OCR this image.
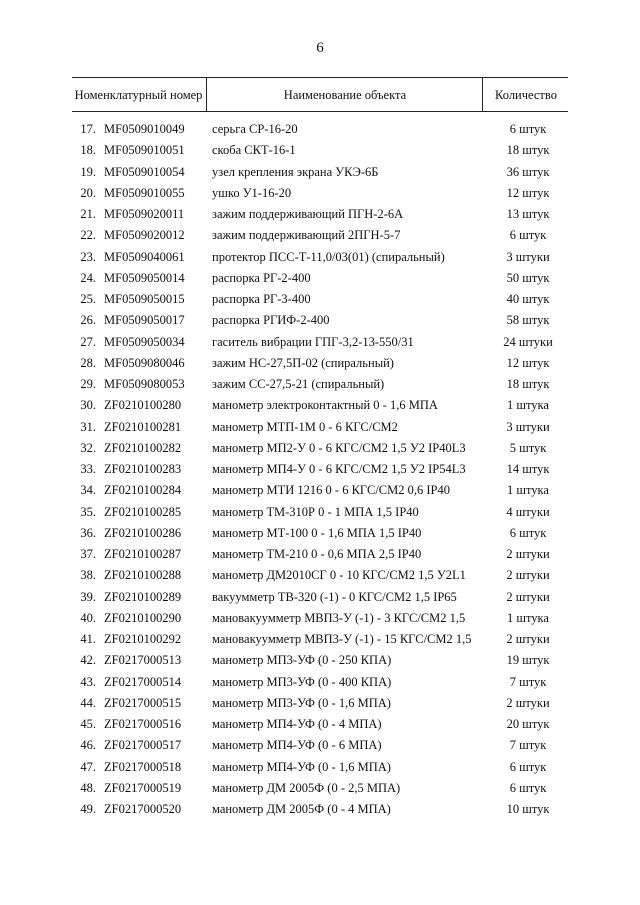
6
Номенклатурный номер	Наименование объекта	Количество
17. MF0509010049	серьга СР-16-20	6 штук
18. MF0509010051	скоба СКТ-16-1	18 штук
19. MF0509010054	узел крепления экрана УКЭ-6Б	36 штук
20. MF0509010055	ушко У1-16-20	12 штук
21. MF0509020011	зажим поддерживающий ПГН-2-6А	13 штук
22. MF0509020012	зажим поддерживающий 2ПГН-5-7	6 штук
23. MF0509040061	протектор ПСС-Т-11,0/03(01) (спиральный)	3 штуки
24. MF0509050014	распорка РГ-2-400	50 штук
25. MF0509050015	распорка РГ-3-400	40 штук
26. MF0509050017	распорка РГИФ-2-400	58 штук
27. MF0509050034	гаситель вибрации ГПГ-3,2-13-550/31	24 штуки
28. MF0509080046	зажим НС-27,5П-02 (спиральный)	12 штук
29. MF0509080053	зажим СС-27,5-21 (спиральный)	18 штук
30. ZF0210100280	манометр электроконтактный 0 - 1,6 МПА	1 штука
31. ZF0210100281	манометр МТП-1М 0 - 6 КГС/СМ2	3 штуки
32. ZF0210100282	манометр МП2-У 0 - 6 КГС/СМ2 1,5 У2 IP40L3	5 штук
33. ZF0210100283	манометр МП4-У 0 - 6 КГС/СМ2 1,5 У2 IP54L3	14 штук
34. ZF0210100284	манометр МТИ 1216 0 - 6 КГС/СМ2 0,6 IP40	1 штука
35. ZF0210100285	манометр ТМ-310Р 0 - 1 МПА 1,5 IP40	4 штуки
36. ZF0210100286	манометр МТ-100 0 - 1,6 МПА 1,5 IP40	6 штук
37. ZF0210100287	манометр ТМ-210 0 - 0,6 МПА 2,5 IP40	2 штуки
38. ZF0210100288	манометр ДМ2010СГ 0 - 10 КГС/СМ2 1,5 У2L1	2 штуки
39. ZF0210100289	вакуумметр ТВ-320 (-1) - 0 КГС/СМ2 1,5 IP65	2 штуки
40. ZF0210100290	мановакуумметр МВП3-У (-1) - 3 КГС/СМ2 1,5	1 штука
41. ZF0210100292	мановакуумметр МВП3-У (-1) - 15 КГС/СМ2 1,5	2 штуки
42. ZF0217000513	манометр МП3-УФ (0 - 250 КПА)	19 штук
43. ZF0217000514	манометр МП3-УФ (0 - 400 КПА)	7 штук
44. ZF0217000515	манометр МП3-УФ (0 - 1,6 МПА)	2 штуки
45. ZF0217000516	манометр МП4-УФ (0 - 4 МПА)	20 штук
46. ZF0217000517	манометр МП4-УФ (0 - 6 МПА)	7 штук
47. ZF0217000518	манометр МП4-УФ (0 - 1,6 МПА)	6 штук
48. ZF0217000519	манометр ДМ 2005Ф (0 - 2,5 МПА)	6 штук
49. ZF0217000520	манометр ДМ 2005Ф (0 - 4 МПА)	10 штук
